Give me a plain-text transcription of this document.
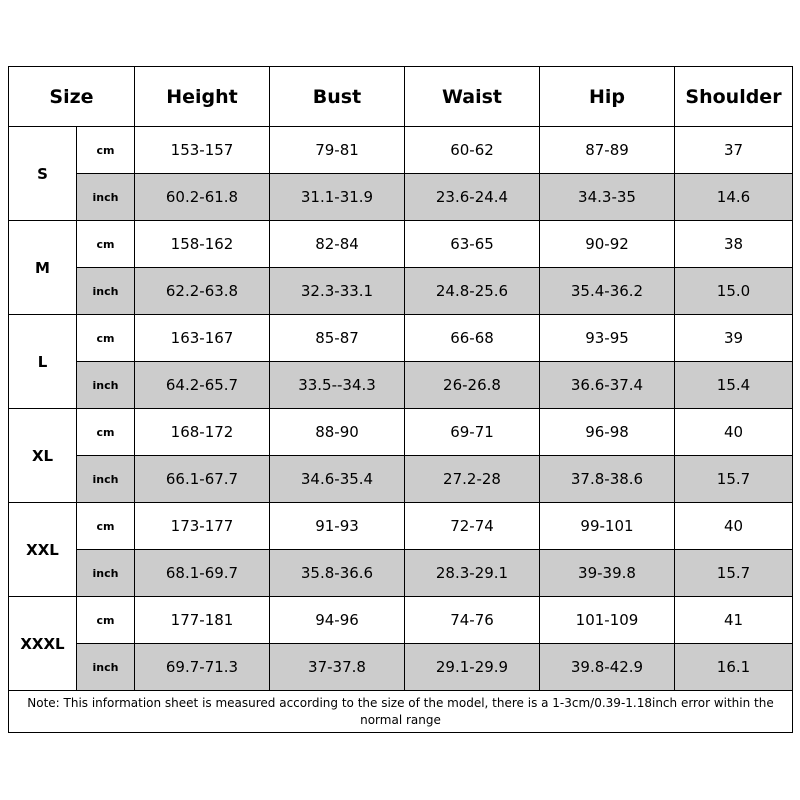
Size		Height	Bust	Waist	Hip	Shoulder
S	cm	153-157	79-81	60-62	87-89	37
	inch	60.2-61.8	31.1-31.9	23.6-24.4	34.3-35	14.6
M	cm	158-162	82-84	63-65	90-92	38
	inch	62.2-63.8	32.3-33.1	24.8-25.6	35.4-36.2	15.0
L	cm	163-167	85-87	66-68	93-95	39
	inch	64.2-65.7	33.5--34.3	26-26.8	36.6-37.4	15.4
XL	cm	168-172	88-90	69-71	96-98	40
	inch	66.1-67.7	34.6-35.4	27.2-28	37.8-38.6	15.7
XXL	cm	173-177	91-93	72-74	99-101	40
	inch	68.1-69.7	35.8-36.6	28.3-29.1	39-39.8	15.7
XXXL	cm	177-181	94-96	74-76	101-109	41
	inch	69.7-71.3	37-37.8	29.1-29.9	39.8-42.9	16.1
Note: This information sheet is measured according to the size of the model, there is a 1-3cm/0.39-1.18inch error within the normal range						
